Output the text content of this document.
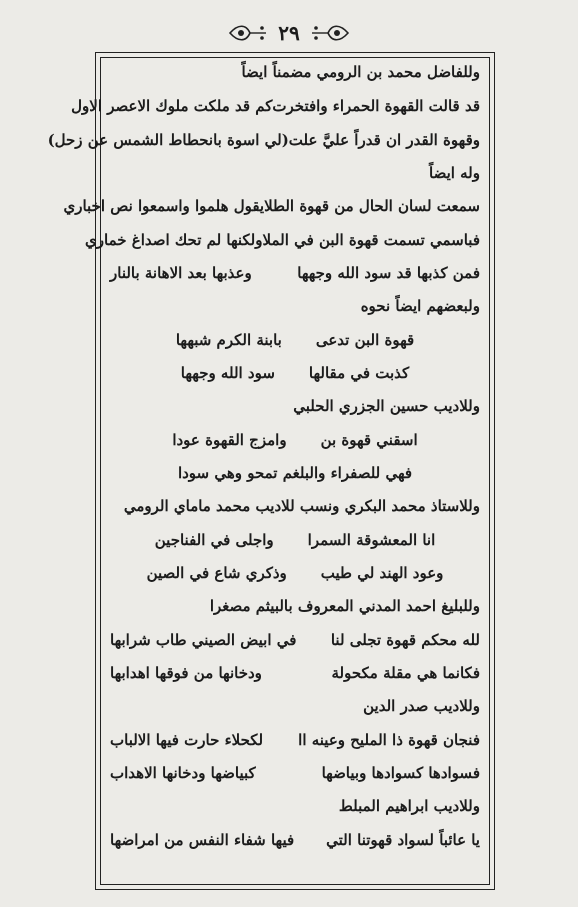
٢٩
وللفاضل محمد بن الرومي مضمناً ايضاً
قد قالت القهوة الحمراء وافتخرت
كم قد ملكت ملوك الاعصر الاول
وقهوة القدر ان قدراً عليَّ علت
(لي اسوة بانحطاط الشمس عن زحل)
وله ايضاً
سمعت لسان الحال من قهوة الطلا
يقول هلموا واسمعوا نص اخباري
فباسمي تسمت قهوة البن في الملا
ولكنها لم تحك اصداغ خماري
فمن كذبها قد سود الله وجهها
وعذبها بعد الاهانة بالنار
ولبعضهم ايضاً نحوه
قهوة البن تدعى
بابنة الكرم شبهها
كذبت في مقالها
سود الله وجهها
وللاديب حسين الجزري الحلبي
اسقني قهوة بن
وامزج القهوة عودا
فهي للصفراء والبلغم تمحو وهي سودا
وللاستاذ محمد البكري ونسب للاديب محمد ماماي الرومي
انا المعشوقة السمرا
واجلى في الفناجين
وعود الهند لي طيب
وذكري شاع في الصين
وللبليغ احمد المدني المعروف بالبيثم مصغرا
لله محكم قهوة تجلى لنا
في ابيض الصيني طاب شرابها
فكانما هي مقلة مكحولة
ودخانها من فوقها اهدابها
وللاديب صدر الدين
فنجان قهوة ذا المليح وعينه اا
لكحلاء حارت فيها الالباب
فسوادها كسوادها وبياضها
كبياضها ودخانها الاهداب
وللاديب ابراهيم المبلط
يا عائباً لسواد قهوتنا التي
فيها شفاء النفس من امراضها
